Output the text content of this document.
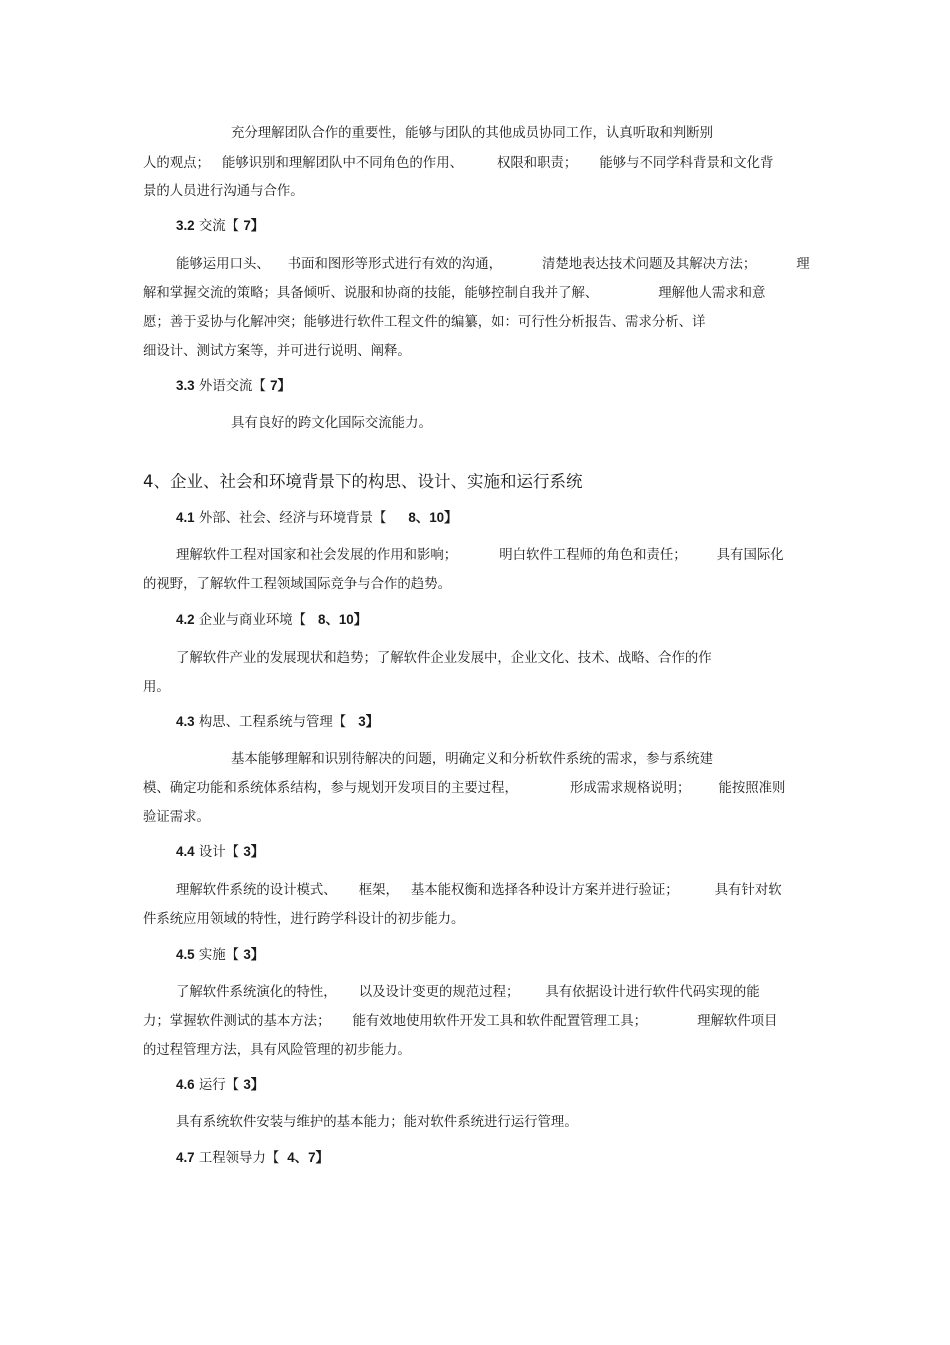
充分理解团队合作的重要性，能够与团队的其他成员协同工作，认真听取和判断别
人的观点； 能够识别和理解团队中不同角色的作用、	权限和职责； 能够与不同学科背景和文化背
景的人员进行沟通与合作。
3.2 交流【 7】
能够运用口头、 书面和图形等形式进行有效的沟通，	清楚地表达技术问题及其解决方法；	理
解和掌握交流的策略；具备倾听、说服和协商的技能，能够控制自我并了解、	理解他人需求和意
愿；善于妥协与化解冲突；能够进行软件工程文件的编纂，如：可行性分析报告、需求分析、详
细设计、测试方案等，并可进行说明、阐释。
3.3 外语交流【 7】
具有良好的跨文化国际交流能力。
4、企业、社会和环境背景下的构思、设计、实施和运行系统
4.1 外部、社会、经济与环境背景【 8、10】
理解软件工程对国家和社会发展的作用和影响；	明白软件工程师的角色和责任； 具有国际化
的视野，了解软件工程领域国际竞争与合作的趋势。
4.2 企业与商业环境【 8、10】
了解软件产业的发展现状和趋势；了解软件企业发展中，企业文化、技术、战略、合作的作
用。
4.3 构思、工程系统与管理【 3】
基本能够理解和识别待解决的问题，明确定义和分析软件系统的需求，参与系统建
模、确定功能和系统体系结构，参与规划开发项目的主要过程，	形成需求规格说明； 能按照准则
验证需求。
4.4 设计【 3】
理解软件系统的设计模式、 框架， 基本能权衡和选择各种设计方案并进行验证；	具有针对软
件系统应用领域的特性，进行跨学科设计的初步能力。
4.5 实施【 3】
了解软件系统演化的特性， 以及设计变更的规范过程； 具有依据设计进行软件代码实现的能
力；掌握软件测试的基本方法； 能有效地使用软件开发工具和软件配置管理工具；	理解软件项目
的过程管理方法，具有风险管理的初步能力。
4.6 运行【 3】
具有系统软件安装与维护的基本能力；能对软件系统进行运行管理。
4.7 工程领导力【 4、7】
